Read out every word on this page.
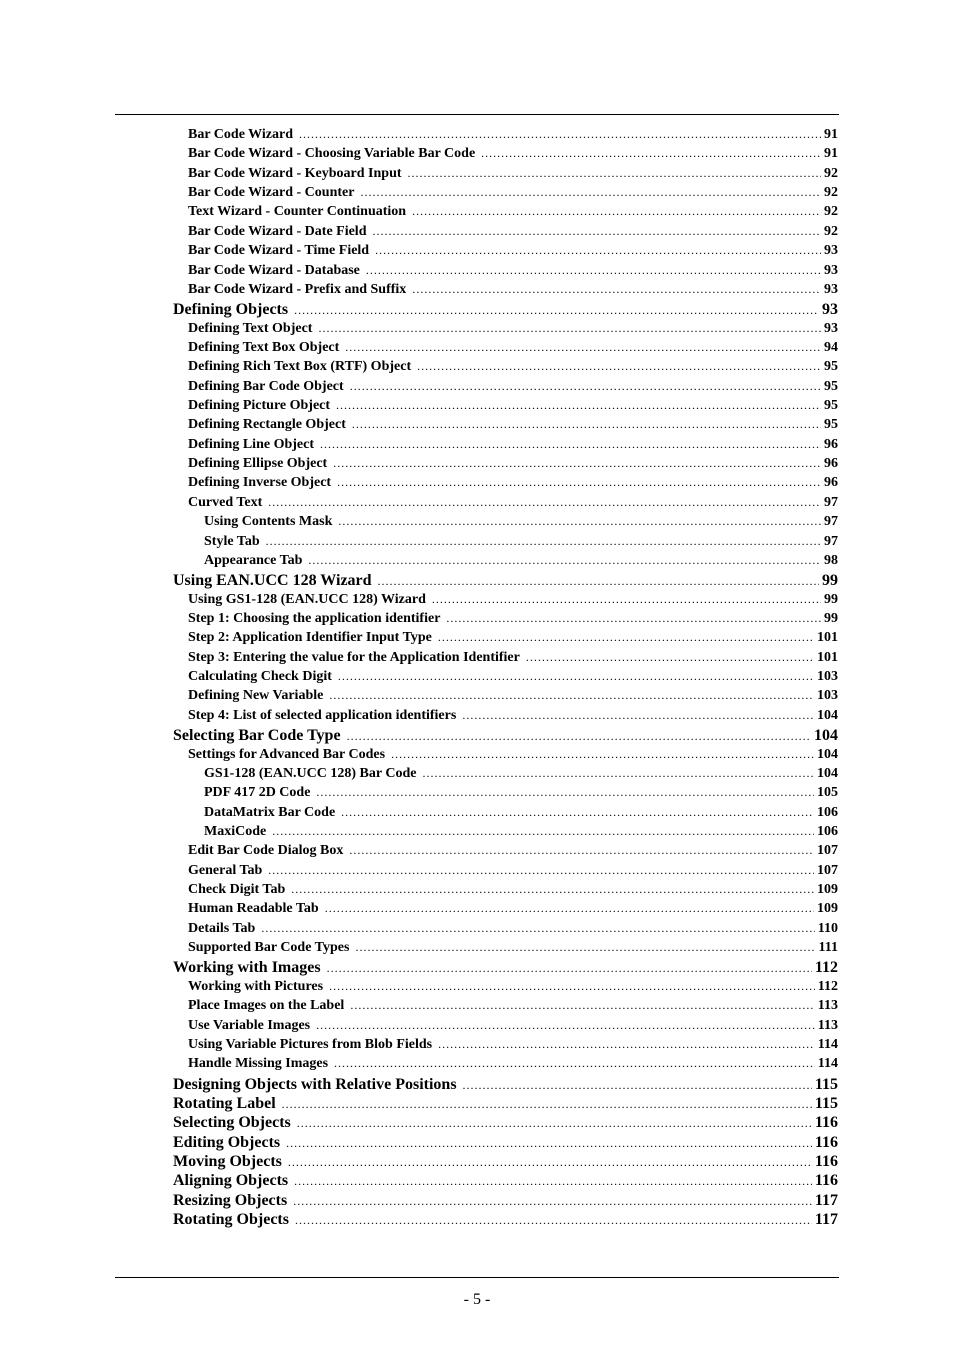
Bar Code Wizard .....	91
Bar Code Wizard - Choosing Variable Bar Code .....	91
Bar Code Wizard - Keyboard Input .....	92
Bar Code Wizard - Counter .....	92
Text Wizard - Counter Continuation .....	92
Bar Code Wizard - Date Field .....	92
Bar Code Wizard - Time Field .....	93
Bar Code Wizard - Database .....	93
Bar Code Wizard - Prefix and Suffix .....	93
Defining Objects .....	93
Defining Text Object .....	93
Defining Text Box Object .....	94
Defining Rich Text Box (RTF) Object .....	95
Defining Bar Code Object .....	95
Defining Picture Object .....	95
Defining Rectangle Object .....	95
Defining Line Object .....	96
Defining Ellipse Object .....	96
Defining Inverse Object .....	96
Curved Text .....	97
Using Contents Mask .....	97
Style Tab .....	97
Appearance Tab .....	98
Using EAN.UCC 128 Wizard .....	99
Using GS1-128 (EAN.UCC 128) Wizard .....	99
Step 1: Choosing the application identifier .....	99
Step 2: Application Identifier Input Type .....	101
Step 3: Entering the value for the Application Identifier .....	101
Calculating Check Digit .....	103
Defining New Variable .....	103
Step 4: List of selected application identifiers .....	104
Selecting Bar Code Type .....	104
Settings for Advanced Bar Codes .....	104
GS1-128 (EAN.UCC 128) Bar Code .....	104
PDF 417 2D Code .....	105
DataMatrix Bar Code .....	106
MaxiCode .....	106
Edit Bar Code Dialog Box .....	107
General Tab .....	107
Check Digit Tab .....	109
Human Readable Tab .....	109
Details Tab .....	110
Supported Bar Code Types .....	111
Working with Images .....	112
Working with Pictures .....	112
Place Images on the Label .....	113
Use Variable Images .....	113
Using Variable Pictures from Blob Fields .....	114
Handle Missing Images .....	114
Designing Objects with Relative Positions .....	115
Rotating Label .....	115
Selecting Objects .....	116
Editing Objects .....	116
Moving Objects .....	116
Aligning Objects .....	116
Resizing Objects .....	117
Rotating Objects .....	117
- 5 -
